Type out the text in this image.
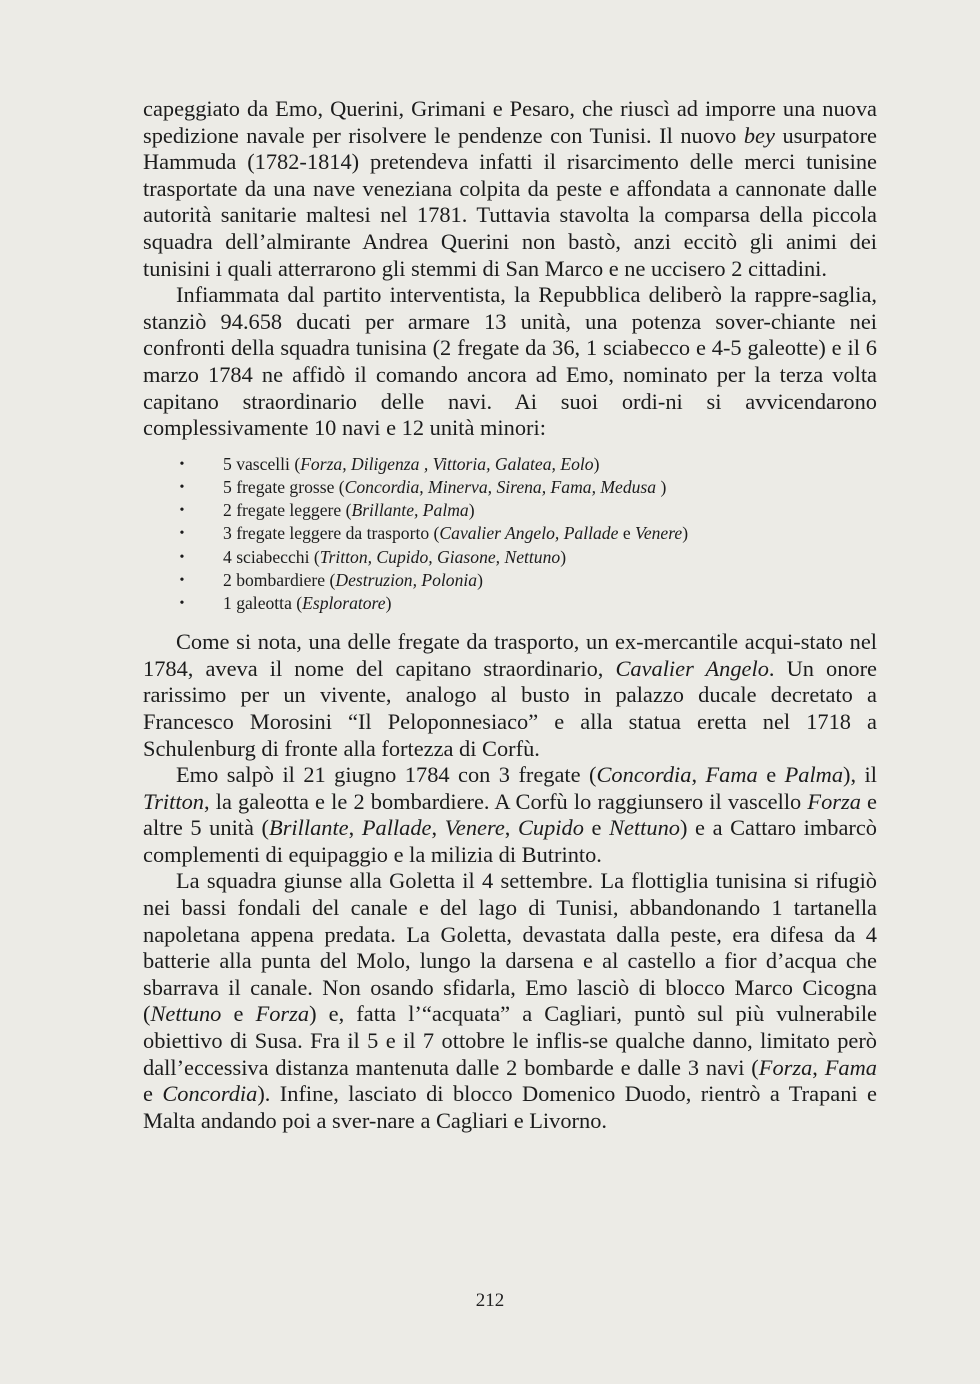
capeggiato da Emo, Querini, Grimani e Pesaro, che riuscì ad imporre una nuova spedizione navale per risolvere le pendenze con Tunisi. Il nuovo bey usurpatore Hammuda (1782-1814) pretendeva infatti il risarcimento delle merci tunisine trasportate da una nave veneziana colpita da peste e affondata a cannonate dalle autorità sanitarie maltesi nel 1781. Tuttavia stavolta la comparsa della piccola squadra dell’almirante Andrea Querini non bastò, anzi eccitò gli animi dei tunisini i quali atterrarono gli stemmi di San Marco e ne uccisero 2 cittadini.

Infiammata dal partito interventista, la Repubblica deliberò la rappre-saglia, stanziò 94.658 ducati per armare 13 unità, una potenza sover-chiante nei confronti della squadra tunisina (2 fregate da 36, 1 sciabecco e 4-5 galeotte) e il 6 marzo 1784 ne affidò il comando ancora ad Emo, nominato per la terza volta capitano straordinario delle navi. Ai suoi ordi-ni si avvicendarono complessivamente 10 navi e 12 unità minori:

• 5 vascelli (Forza, Diligenza , Vittoria, Galatea, Eolo)
• 5 fregate grosse (Concordia, Minerva, Sirena, Fama, Medusa )
• 2 fregate leggere (Brillante, Palma)
• 3 fregate leggere da trasporto (Cavalier Angelo, Pallade e Venere)
• 4 sciabecchi (Tritton, Cupido, Giasone, Nettuno)
• 2 bombardiere (Destruzion, Polonia)
• 1 galeotta (Esploratore)

Come si nota, una delle fregate da trasporto, un ex-mercantile acqui-stato nel 1784, aveva il nome del capitano straordinario, Cavalier Angelo. Un onore rarissimo per un vivente, analogo al busto in palazzo ducale decretato a Francesco Morosini “Il Peloponnesiaco” e alla statua eretta nel 1718 a Schulenburg di fronte alla fortezza di Corfù.

Emo salpò il 21 giugno 1784 con 3 fregate (Concordia, Fama e Palma), il Tritton, la galeotta e le 2 bombardiere. A Corfù lo raggiunsero il vascello Forza e altre 5 unità (Brillante, Pallade, Venere, Cupido e Nettuno) e a Cattaro imbarcò complementi di equipaggio e la milizia di Butrinto.

La squadra giunse alla Goletta il 4 settembre. La flottiglia tunisina si rifugiò nei bassi fondali del canale e del lago di Tunisi, abbandonando 1 tartanella napoletana appena predata. La Goletta, devastata dalla peste, era difesa da 4 batterie alla punta del Molo, lungo la darsena e al castello a fior d’acqua che sbarrava il canale. Non osando sfidarla, Emo lasciò di blocco Marco Cicogna (Nettuno e Forza) e, fatta l’“acquata” a Cagliari, puntò sul più vulnerabile obiettivo di Susa. Fra il 5 e il 7 ottobre le inflis-se qualche danno, limitato però dall’eccessiva distanza mantenuta dalle 2 bombarde e dalle 3 navi (Forza, Fama e Concordia). Infine, lasciato di blocco Domenico Duodo, rientrò a Trapani e Malta andando poi a sver-nare a Cagliari e Livorno.

212
